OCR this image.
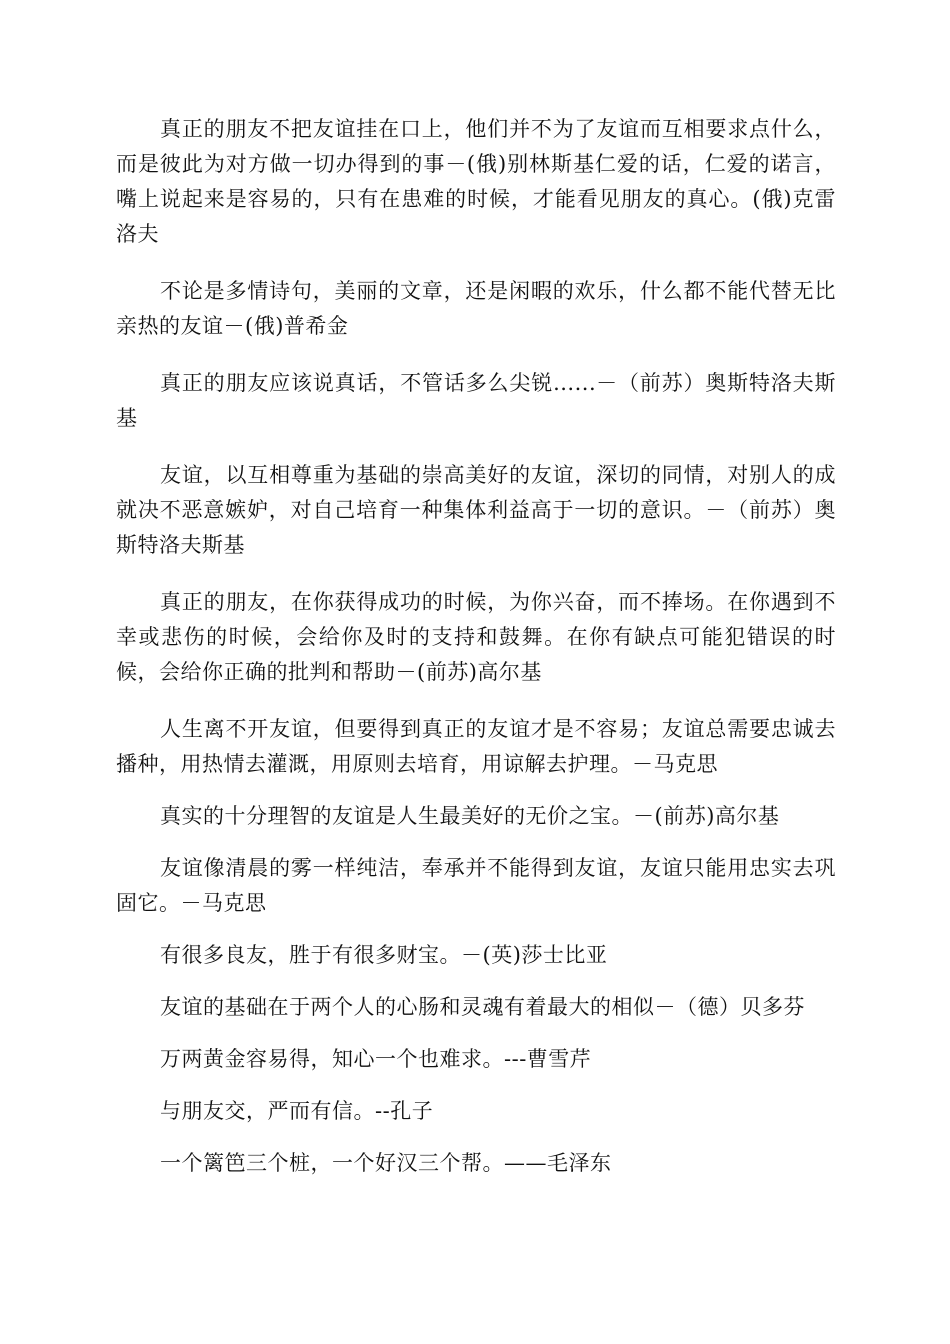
真正的朋友不把友谊挂在口上，他们并不为了友谊而互相要求点什么，而是彼此为对方做一切办得到的事－(俄)别林斯基仁爱的话，仁爱的诺言，嘴上说起来是容易的，只有在患难的时候，才能看见朋友的真心。(俄)克雷洛夫

不论是多情诗句，美丽的文章，还是闲暇的欢乐，什么都不能代替无比亲热的友谊－(俄)普希金

真正的朋友应该说真话，不管话多么尖锐......－（前苏）奥斯特洛夫斯基

友谊，以互相尊重为基础的崇高美好的友谊，深切的同情，对别人的成就决不恶意嫉妒，对自己培育一种集体利益高于一切的意识。－（前苏）奥斯特洛夫斯基

真正的朋友，在你获得成功的时候，为你兴奋，而不捧场。在你遇到不幸或悲伤的时候，会给你及时的支持和鼓舞。在你有缺点可能犯错误的时候，会给你正确的批判和帮助－(前苏)高尔基

人生离不开友谊，但要得到真正的友谊才是不容易；友谊总需要忠诚去播种，用热情去灌溉，用原则去培育，用谅解去护理。－马克思

真实的十分理智的友谊是人生最美好的无价之宝。－(前苏)高尔基

友谊像清晨的雾一样纯洁，奉承并不能得到友谊，友谊只能用忠实去巩固它。－马克思

有很多良友，胜于有很多财宝。－(英)莎士比亚

友谊的基础在于两个人的心肠和灵魂有着最大的相似－（德）贝多芬

万两黄金容易得，知心一个也难求。---曹雪芹

与朋友交，严而有信。--孔子

一个篱笆三个桩，一个好汉三个帮。——毛泽东
